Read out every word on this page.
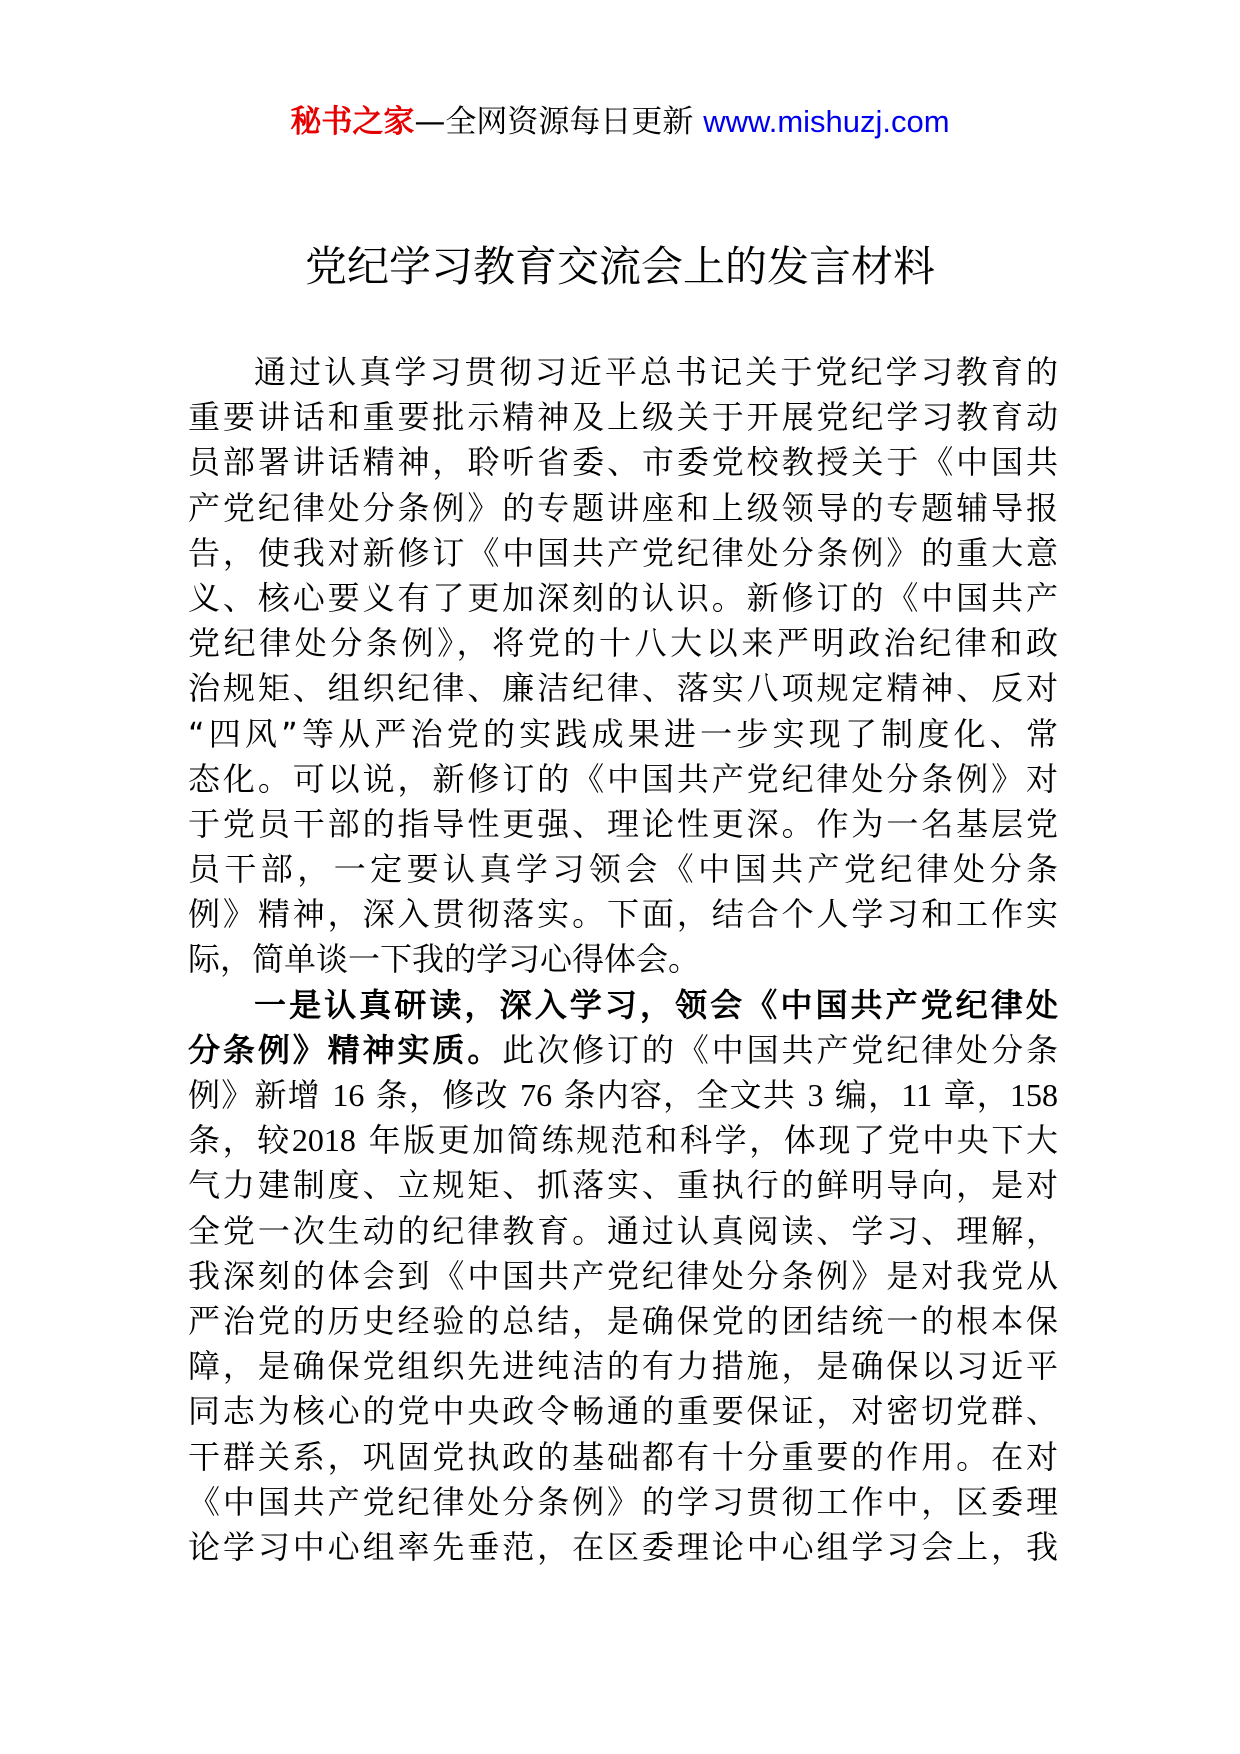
秘书之家—全网资源每日更新 www.mishuzj.com
党纪学习教育交流会上的发言材料
通过认真学习贯彻习近平总书记关于党纪学习教育的
重要讲话和重要批示精神及上级关于开展党纪学习教育动
员部署讲话精神，聆听省委、市委党校教授关于《中国共
产党纪律处分条例》的专题讲座和上级领导的专题辅导报
告，使我对新修订《中国共产党纪律处分条例》的重大意
义、核心要义有了更加深刻的认识。新修订的《中国共产
党纪律处分条例》，将党的十八大以来严明政治纪律和政
治规矩、组织纪律、廉洁纪律、落实八项规定精神、反对
“四风”等从严治党的实践成果进一步实现了制度化、常
态化。可以说，新修订的《中国共产党纪律处分条例》对
于党员干部的指导性更强、理论性更深。作为一名基层党
员干部，一定要认真学习领会《中国共产党纪律处分条
例》精神，深入贯彻落实。下面，结合个人学习和工作实
际，简单谈一下我的学习心得体会。
一是认真研读，深入学习，领会《中国共产党纪律处
分条例》精神实质。此次修订的《中国共产党纪律处分条
例》新增 16 条，修改 76 条内容，全文共 3 编，11 章，158
条，较2018 年版更加简练规范和科学，体现了党中央下大
气力建制度、立规矩、抓落实、重执行的鲜明导向，是对
全党一次生动的纪律教育。通过认真阅读、学习、理解，
我深刻的体会到《中国共产党纪律处分条例》是对我党从
严治党的历史经验的总结，是确保党的团结统一的根本保
障，是确保党组织先进纯洁的有力措施，是确保以习近平
同志为核心的党中央政令畅通的重要保证，对密切党群、
干群关系，巩固党执政的基础都有十分重要的作用。在对
《中国共产党纪律处分条例》的学习贯彻工作中，区委理
论学习中心组率先垂范，在区委理论中心组学习会上，我
